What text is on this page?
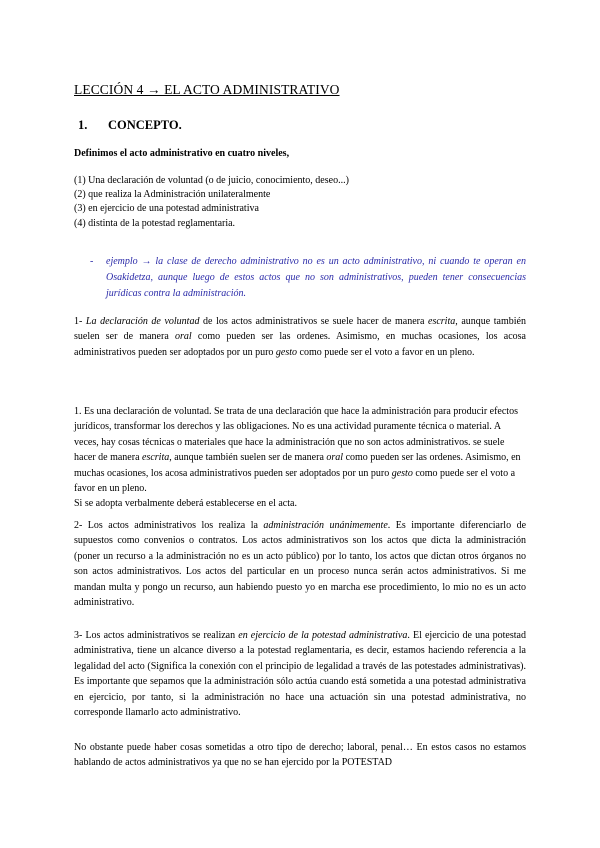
LECCIÓN 4 → EL ACTO ADMINISTRATIVO
1. CONCEPTO.
Definimos el acto administrativo en cuatro niveles,
(1) Una declaración de voluntad (o de juicio, conocimiento, deseo...)
(2) que realiza la Administración unilateralmente
(3) en ejercicio de una potestad administrativa
(4) distinta de la potestad reglamentaria.
- ejemplo → la clase de derecho administrativo no es un acto administrativo, ni cuando te operan en Osakidetza, aunque luego de estos actos que no son administrativos, pueden tener consecuencias jurídicas contra la administración.
1- La declaración de voluntad de los actos administrativos se suele hacer de manera escrita, aunque también suelen ser de manera oral como pueden ser las ordenes. Asimismo, en muchas ocasiones, los acosa administrativos pueden ser adoptados por un puro gesto como puede ser el voto a favor en un pleno.
1. Es una declaración de voluntad. Se trata de una declaración que hace la administración para producir efectos jurídicos, transformar los derechos y las obligaciones. No es una actividad puramente técnica o material. A veces, hay cosas técnicas o materiales que hace la administración que no son actos administrativos. se suele hacer de manera escrita, aunque también suelen ser de manera oral como pueden ser las ordenes. Asimismo, en muchas ocasiones, los acosa administrativos pueden ser adoptados por un puro gesto como puede ser el voto a favor en un pleno.
Si se adopta verbalmente deberá establecerse en el acta.
2- Los actos administrativos los realiza la administración unánimemente. Es importante diferenciarlo de supuestos como convenios o contratos. Los actos administrativos son los actos que dicta la administración (poner un recurso a la administración no es un acto público) por lo tanto, los actos que dictan otros órganos no son actos administrativos. Los actos del particular en un proceso nunca serán actos administrativos. Si me mandan multa y pongo un recurso, aun habiendo puesto yo en marcha ese procedimiento, lo mio no es un acto administrativo.
3- Los actos administrativos se realizan en ejercicio de la potestad administrativa. El ejercicio de una potestad administrativa, tiene un alcance diverso a la potestad reglamentaria, es decir, estamos haciendo referencia a la legalidad del acto (Significa la conexión con el principio de legalidad a través de las potestades administrativas). Es importante que sepamos que la administración sólo actúa cuando está sometida a una potestad administrativa en ejercicio, por tanto, si la administración no hace una actuación sin una potestad administrativa, no corresponde llamarlo acto administrativo.
No obstante puede haber cosas sometidas a otro tipo de derecho; laboral, penal… En estos casos no estamos hablando de actos administrativos ya que no se han ejercido por la POTESTAD
